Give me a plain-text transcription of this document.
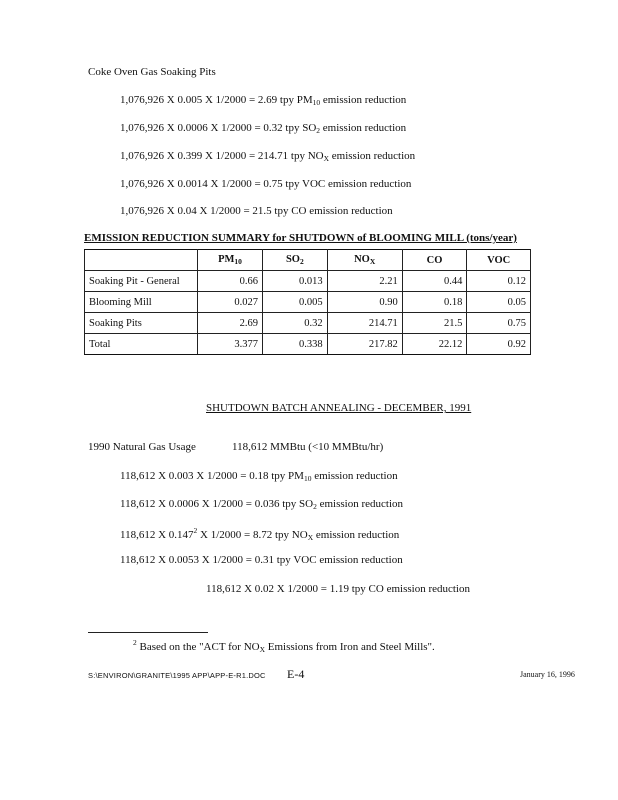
Coke Oven Gas Soaking Pits
1,076,926 X 0.005 X 1/2000 = 2.69 tpy $PM_{10}$ emission reduction
1,076,926 X 0.0006 X 1/2000 = 0.32 tpy $SO_2$ emission reduction
1,076,926 X 0.399 X 1/2000 = 214.71 tpy $NO_X$ emission reduction
1,076,926 X 0.0014 X 1/2000 = 0.75 tpy VOC emission reduction
1,076,926 X 0.04 X 1/2000 = 21.5 tpy CO emission reduction
EMISSION REDUCTION SUMMARY for SHUTDOWN of BLOOMING MILL (tons/year)
	$PM_{10}$	$SO_2$	$NO_X$	CO	VOC
Soaking Pit - General	0.66	0.013	2.21	0.44	0.12
Blooming Mill	0.027	0.005	0.90	0.18	0.05
Soaking Pits	2.69	0.32	214.71	21.5	0.75
Total	3.377	0.338	217.82	22.12	0.92
SHUTDOWN BATCH ANNEALING - DECEMBER, 1991
1990 Natural Gas Usage	118,612 MMBtu (<10 MMBtu/hr)
118,612 X 0.003 X 1/2000 = 0.18 tpy $PM_{10}$ emission reduction
118,612 X 0.0006 X 1/2000 = 0.036 tpy $SO_2$ emission reduction
118,612 X 0.147$^2$ X 1/2000 = 8.72 tpy $NO_X$ emission reduction
118,612 X 0.0053 X 1/2000 = 0.31 tpy VOC emission reduction
118,612 X 0.02 X 1/2000 = 1.19 tpy CO emission reduction
$^2$ Based on the "ACT for $NO_X$ Emissions from Iron and Steel Mills".
S:\ENVIRON\GRANITE\1995 APP\APP-E-R1.DOC E-4	January 16, 1996
